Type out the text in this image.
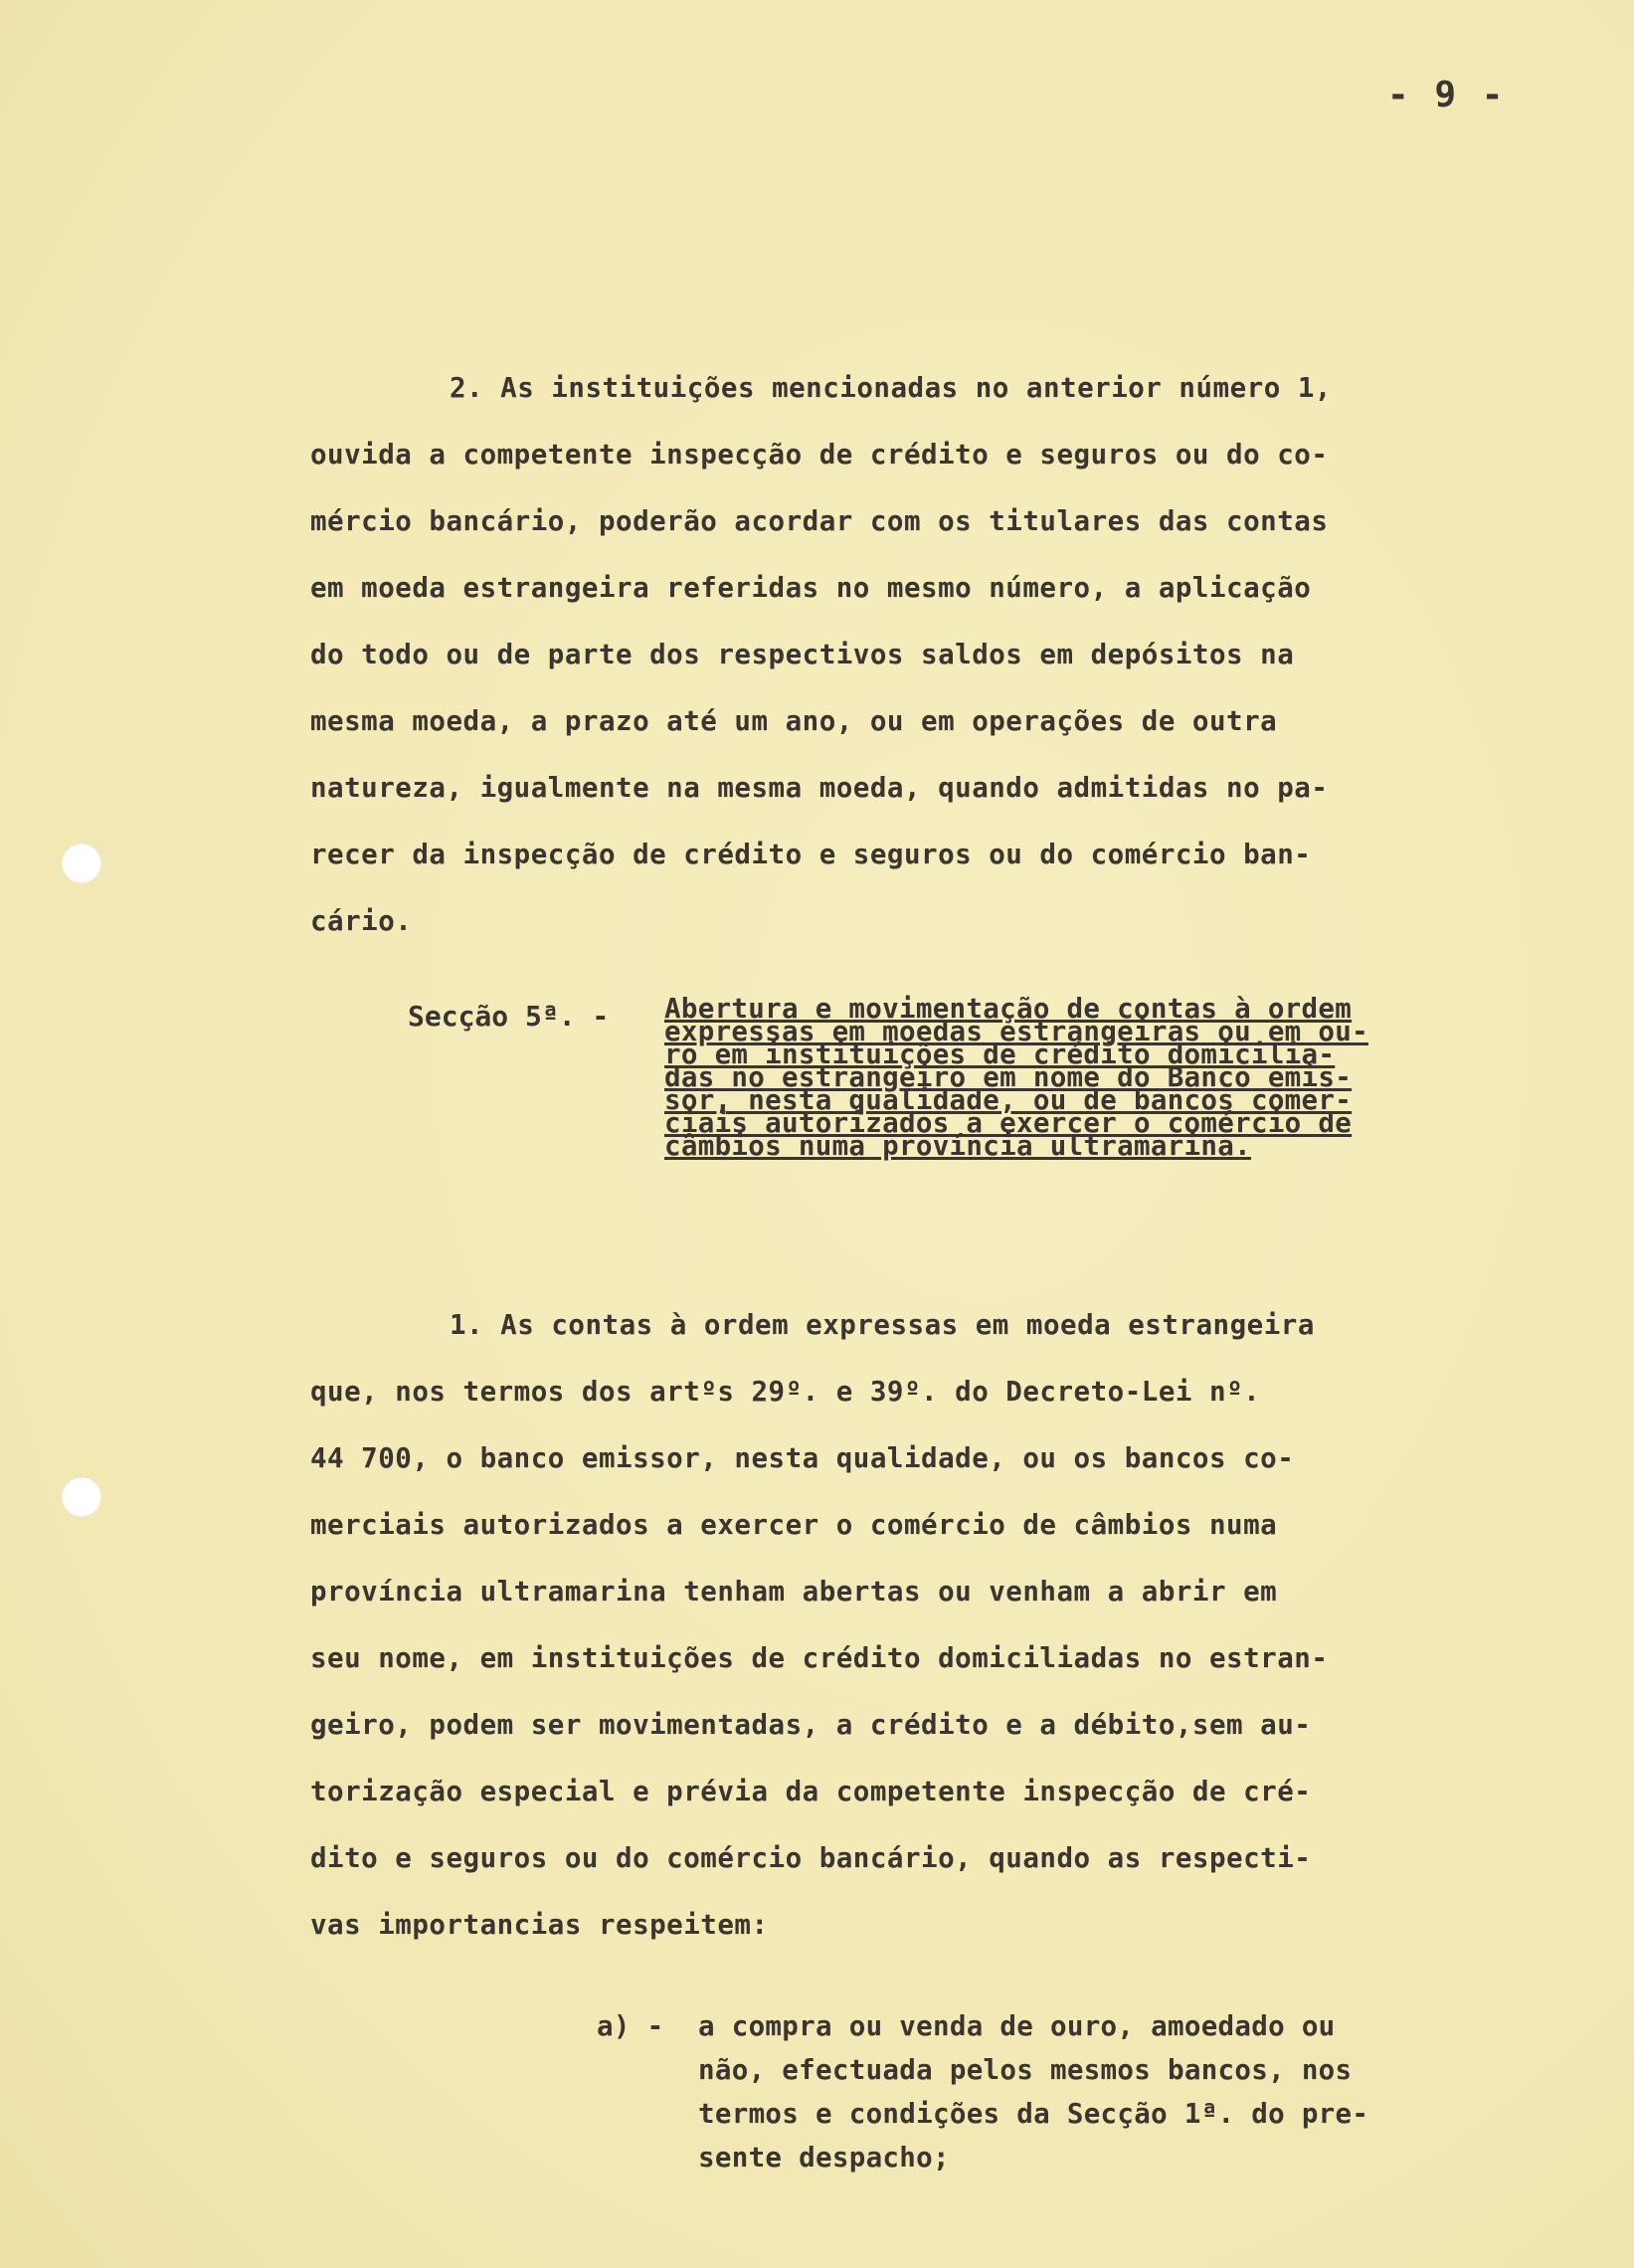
- 9 -

2. As instituições mencionadas no anterior número 1,
ouvida a competente inspecção de crédito e seguros ou do co-
mércio bancário, poderão acordar com os titulares das contas
em moeda estrangeira referidas no mesmo número, a aplicação
do todo ou de parte dos respectivos saldos em depósitos na
mesma moeda, a prazo até um ano, ou em operações de outra
natureza, igualmente na mesma moeda, quando admitidas no pa-
recer da inspecção de crédito e seguros ou do comércio ban-
cário.

Secção 5ª. - Abertura e movimentação de contas à ordem
expressas em moedas estrangeiras ou em ou-
ro em instituições de crédito domicilia-
das no estrangeiro em nome do Banco emis-
sor, nesta qualidade, ou de bancos comer-
ciais autorizados a exercer o comércio de
câmbios numa província ultramarina.

1. As contas à ordem expressas em moeda estrangeira
que, nos termos dos artºs 29º. e 39º. do Decreto-Lei nº.
44 700, o banco emissor, nesta qualidade, ou os bancos co-
merciais autorizados a exercer o comércio de câmbios numa
província ultramarina tenham abertas ou venham a abrir em
seu nome, em instituições de crédito domiciliadas no estran-
geiro, podem ser movimentadas, a crédito e a débito,sem au-
torização especial e prévia da competente inspecção de cré-
dito e seguros ou do comércio bancário, quando as respecti-
vas importancias respeitem:

a) - a compra ou venda de ouro, amoedado ou
não, efectuada pelos mesmos bancos, nos
termos e condições da Secção 1ª. do pre-
sente despacho;
